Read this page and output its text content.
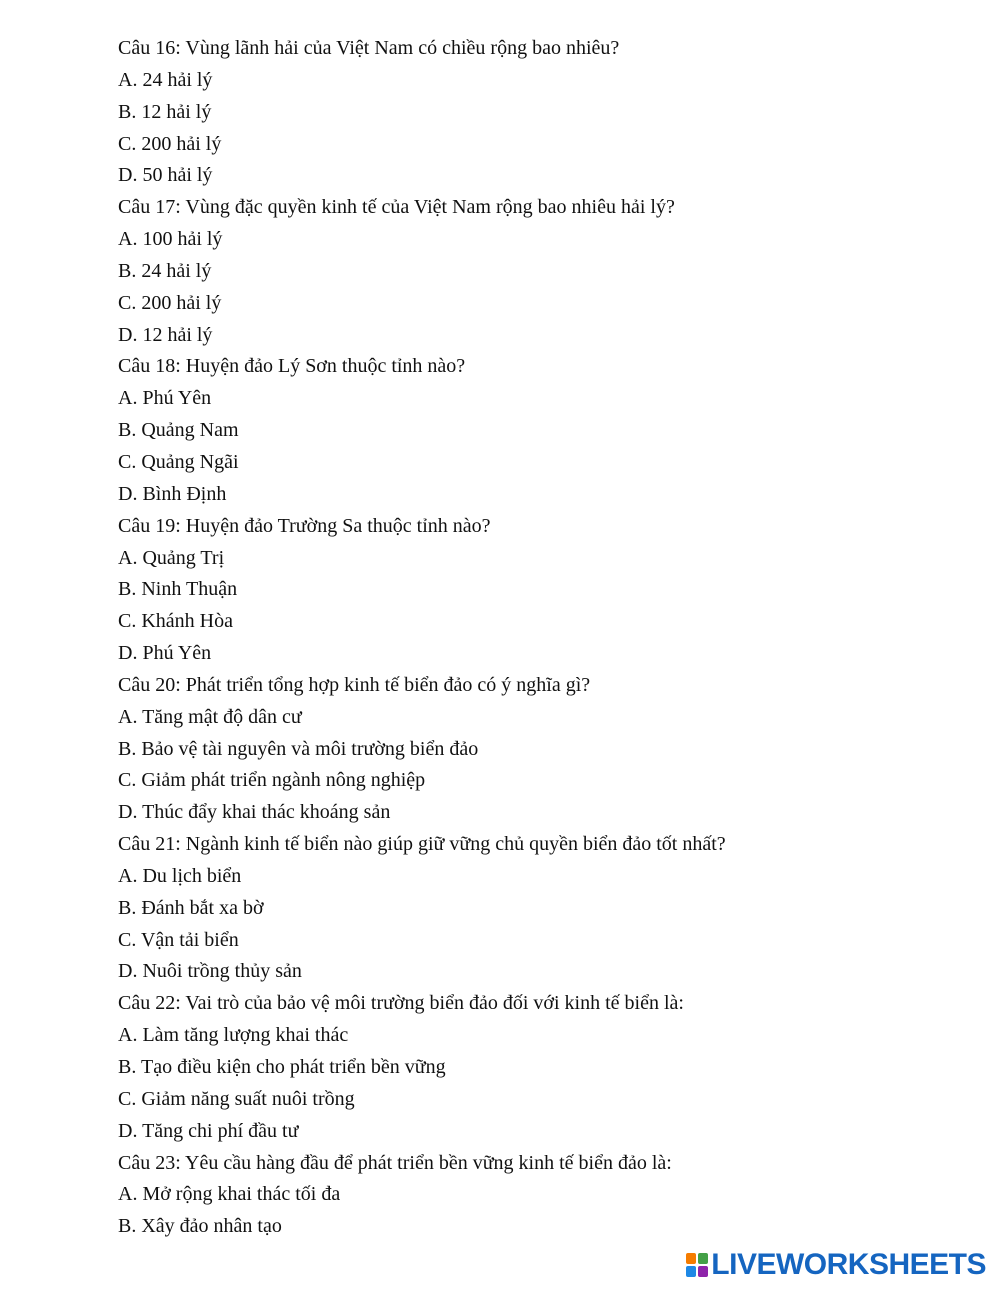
Câu 16: Vùng lãnh hải của Việt Nam có chiều rộng bao nhiêu?
A. 24 hải lý
B. 12 hải lý
C. 200 hải lý
D. 50 hải lý
Câu 17: Vùng đặc quyền kinh tế của Việt Nam rộng bao nhiêu hải lý?
A. 100 hải lý
B. 24 hải lý
C. 200 hải lý
D. 12 hải lý
Câu 18: Huyện đảo Lý Sơn thuộc tỉnh nào?
A. Phú Yên
B. Quảng Nam
C. Quảng Ngãi
D. Bình Định
Câu 19: Huyện đảo Trường Sa thuộc tỉnh nào?
A. Quảng Trị
B. Ninh Thuận
C. Khánh Hòa
D. Phú Yên
Câu 20: Phát triển tổng hợp kinh tế biển đảo có ý nghĩa gì?
A. Tăng mật độ dân cư
B. Bảo vệ tài nguyên và môi trường biển đảo
C. Giảm phát triển ngành nông nghiệp
D. Thúc đẩy khai thác khoáng sản
Câu 21: Ngành kinh tế biển nào giúp giữ vững chủ quyền biển đảo tốt nhất?
A. Du lịch biển
B. Đánh bắt xa bờ
C. Vận tải biển
D. Nuôi trồng thủy sản
Câu 22: Vai trò của bảo vệ môi trường biển đảo đối với kinh tế biển là:
A. Làm tăng lượng khai thác
B. Tạo điều kiện cho phát triển bền vững
C. Giảm năng suất nuôi trồng
D. Tăng chi phí đầu tư
Câu 23: Yêu cầu hàng đầu để phát triển bền vững kinh tế biển đảo là:
A. Mở rộng khai thác tối đa
B. Xây đảo nhân tạo
LIVEWORKSHEETS
